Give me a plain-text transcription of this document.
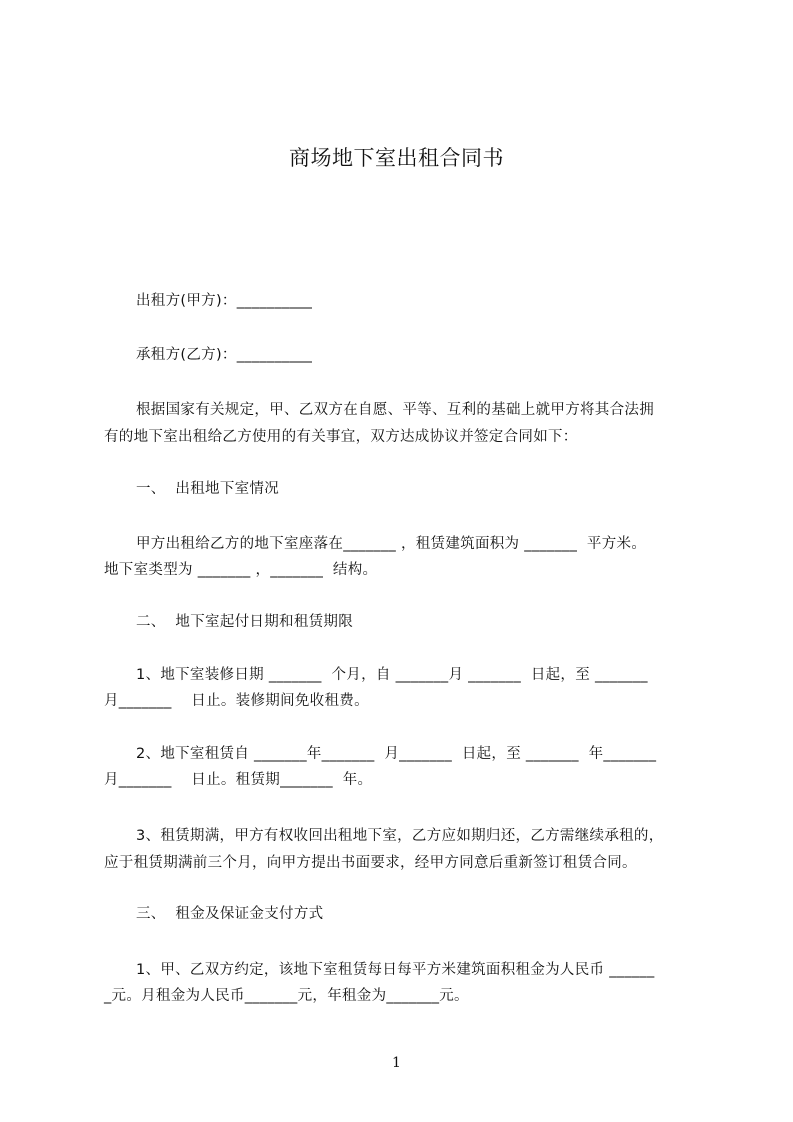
商场地下室出租合同书
出租方(甲方)：__________
承租方(乙方)：__________
根据国家有关规定，甲、乙双方在自愿、平等、互利的基础上就甲方将其合法拥
有的地下室出租给乙方使用的有关事宜，双方达成协议并签定合同如下：
一、  出租地下室情况
甲方出租给乙方的地下室座落在_______ ，租赁建筑面积为 _______  平方米。
地下室类型为 _______ ，_______  结构。
二、  地下室起付日期和租赁期限
1、地下室装修日期 _______  个月，自 _______月 _______  日起，至 _______
月_______    日止。装修期间免收租费。
2、地下室租赁自 _______年_______  月_______  日起，至 _______  年_______
月_______    日止。租赁期_______  年。
3、租赁期满，甲方有权收回出租地下室，乙方应如期归还，乙方需继续承租的，
应于租赁期满前三个月，向甲方提出书面要求，经甲方同意后重新签订租赁合同。
三、  租金及保证金支付方式
1、甲、乙双方约定，该地下室租赁每日每平方米建筑面积租金为人民币 ______
_元。月租金为人民币_______元，年租金为_______元。
1
